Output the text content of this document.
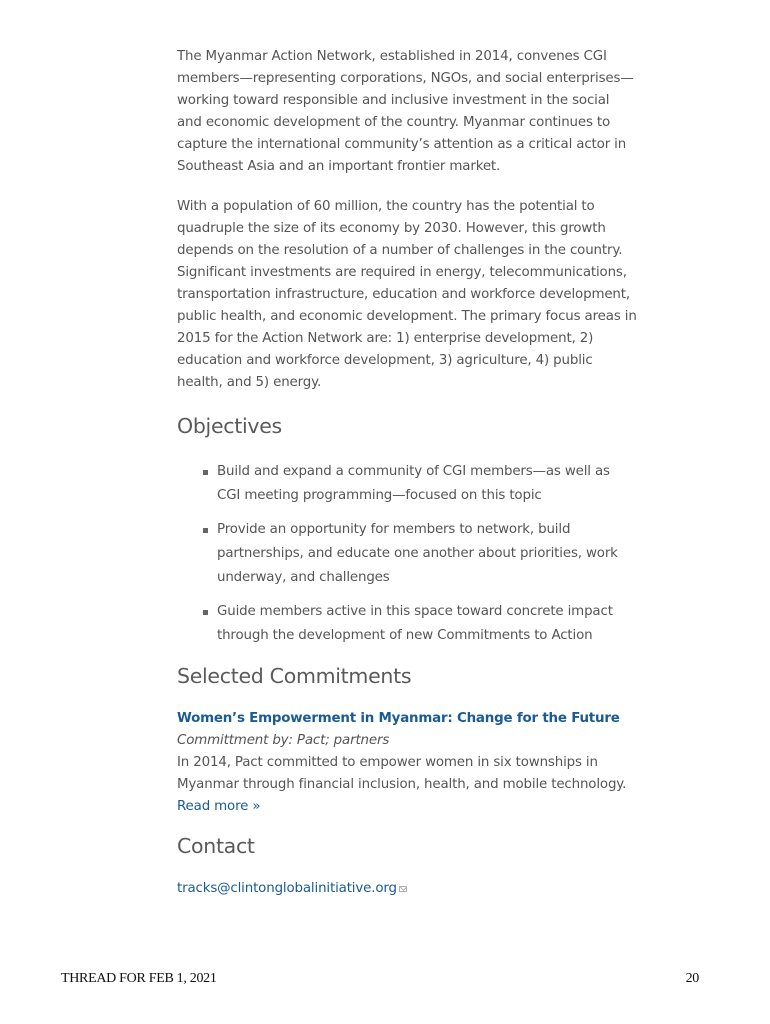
The Myanmar Action Network, established in 2014, convenes CGI members—representing corporations, NGOs, and social enterprises—working toward responsible and inclusive investment in the social and economic development of the country. Myanmar continues to capture the international community’s attention as a critical actor in Southeast Asia and an important frontier market.

With a population of 60 million, the country has the potential to quadruple the size of its economy by 2030. However, this growth depends on the resolution of a number of challenges in the country. Significant investments are required in energy, telecommunications, transportation infrastructure, education and workforce development, public health, and economic development. The primary focus areas in 2015 for the Action Network are: 1) enterprise development, 2) education and workforce development, 3) agriculture, 4) public health, and 5) energy.

Objectives
Build and expand a community of CGI members—as well as CGI meeting programming—focused on this topic
Provide an opportunity for members to network, build partnerships, and educate one another about priorities, work underway, and challenges
Guide members active in this space toward concrete impact through the development of new Commitments to Action
Selected Commitments
Women’s Empowerment in Myanmar: Change for the Future
Committment by: Pact; partners
In 2014, Pact committed to empower women in six townships in Myanmar through financial inclusion, health, and mobile technology.
Read more »
Contact
tracks@clintonglobalinitiative.org
THREAD FOR FEB 1, 2021	20
